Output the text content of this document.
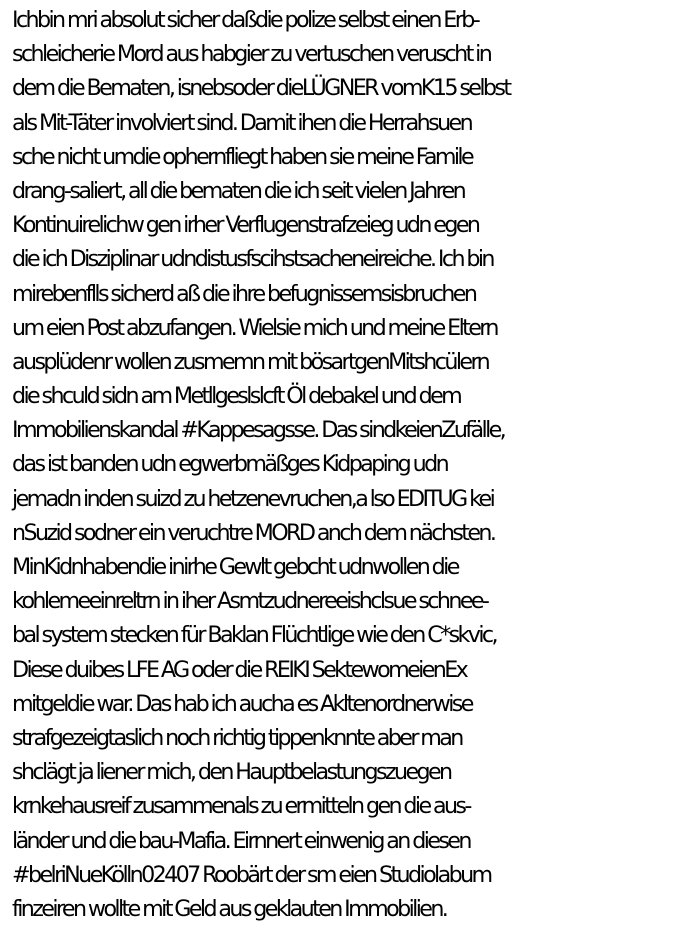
Ichbin mri absolut sicher daßdie polize selbst einen Erb-
schleicherie Mord aus habgier zu vertuschen veruscht in
dem die Bematen, isnebsoder dieLÜGNER vomK15 selbst
als Mit-Täter involviert sind. Damit ihen die Herrahsuen
sche nicht umdie ophernfliegt haben sie meine Famile
drang-saliert, all die bematen die ich seit vielen Jahren
Kontinuirelichw gen irher Verflugenstrafzeieg udn egen
die ich Disziplinar udndistusfscihstsacheneireiche. Ich bin
mirebenflls sicherd aß die ihre befugnissemsisbruchen
um eien Post abzufangen. Wielsie mich und meine Eltern
ausplüdenr wollen zusmemn mit bösartgenMitshcülern
die shculd sidn am Metllgeslslcft Öl debakel und dem
Immobilienskandal #Kappesagsse. Das sindkeienZufälle,
das ist banden udn egwerbmäßges Kidpaping udn
jemadn inden suizd zu hetzenevruchen,a lso EDITUG kei
nSuzid sodner ein veruchtre MORD anch dem nächsten.
MinKidnhabendie inirhe Gewlt gebcht udnwollen die
kohlemeeinreltrn in iher Asmtzudnereeishclsue schnee-
bal system stecken für Baklan Flüchtlige wie den C*skvic,
Diese duibes LFE AG oder die REIKI SektewomeienEx
mitgeldie war. Das hab ich aucha es Akltenordnerwise
strafgezeigtaslich noch richtig tippenknnte aber man
shclägt ja liener mich, den Hauptbelastungszuegen
krnkehausreif zusammenals zu ermitteln gen die aus-
länder und die bau-Mafia. Eirnnert einwenig an diesen
#belriNueKölln02407 Roobärt der sm eien Studiolabum
finzeiren wollte mit Geld aus geklauten Immobilien.
